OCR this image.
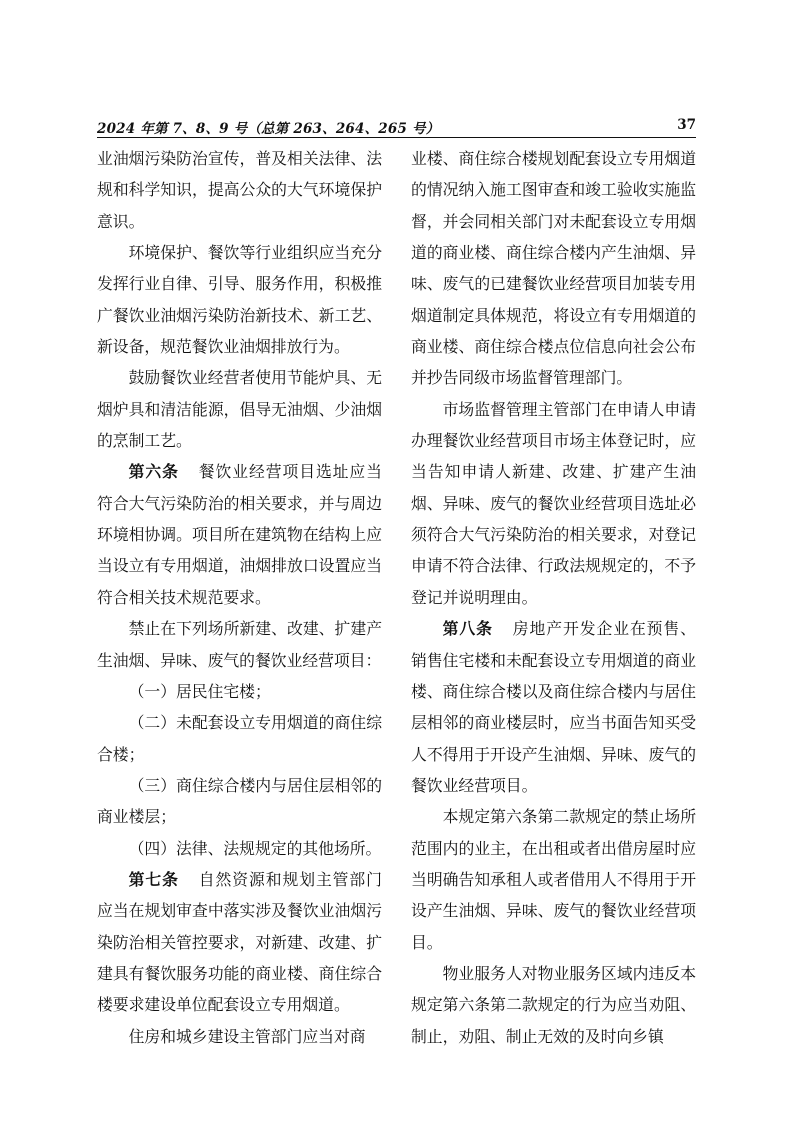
2024 年第 7、8、9 号（总第 263、264、265 号）	37

业油烟污染防治宣传，普及相关法律、法规和科学知识，提高公众的大气环境保护意识。

环境保护、餐饮等行业组织应当充分发挥行业自律、引导、服务作用，积极推广餐饮业油烟污染防治新技术、新工艺、新设备，规范餐饮业油烟排放行为。

鼓励餐饮业经营者使用节能炉具、无烟炉具和清洁能源，倡导无油烟、少油烟的烹制工艺。

第六条 餐饮业经营项目选址应当符合大气污染防治的相关要求，并与周边环境相协调。项目所在建筑物在结构上应当设立有专用烟道，油烟排放口设置应当符合相关技术规范要求。

禁止在下列场所新建、改建、扩建产生油烟、异味、废气的餐饮业经营项目：

（一）居民住宅楼；

（二）未配套设立专用烟道的商住综合楼；

（三）商住综合楼内与居住层相邻的商业楼层；

（四）法律、法规规定的其他场所。

第七条 自然资源和规划主管部门应当在规划审查中落实涉及餐饮业油烟污染防治相关管控要求，对新建、改建、扩建具有餐饮服务功能的商业楼、商住综合楼要求建设单位配套设立专用烟道。

住房和城乡建设主管部门应当对商

业楼、商住综合楼规划配套设立专用烟道的情况纳入施工图审查和竣工验收实施监督，并会同相关部门对未配套设立专用烟道的商业楼、商住综合楼内产生油烟、异味、废气的已建餐饮业经营项目加装专用烟道制定具体规范，将设立有专用烟道的商业楼、商住综合楼点位信息向社会公布并抄告同级市场监督管理部门。

市场监督管理主管部门在申请人申请办理餐饮业经营项目市场主体登记时，应当告知申请人新建、改建、扩建产生油烟、异味、废气的餐饮业经营项目选址必须符合大气污染防治的相关要求，对登记申请不符合法律、行政法规规定的，不予登记并说明理由。

第八条 房地产开发企业在预售、销售住宅楼和未配套设立专用烟道的商业楼、商住综合楼以及商住综合楼内与居住层相邻的商业楼层时，应当书面告知买受人不得用于开设产生油烟、异味、废气的餐饮业经营项目。

本规定第六条第二款规定的禁止场所范围内的业主，在出租或者出借房屋时应当明确告知承租人或者借用人不得用于开设产生油烟、异味、废气的餐饮业经营项目。

物业服务人对物业服务区域内违反本规定第六条第二款规定的行为应当劝阻、制止，劝阻、制止无效的及时向乡镇
